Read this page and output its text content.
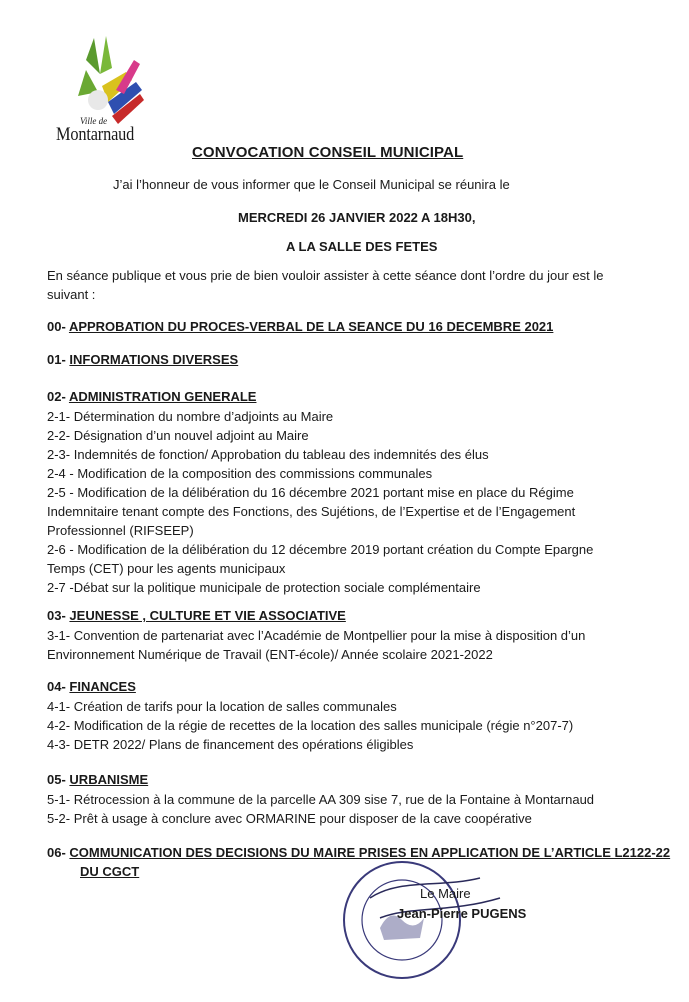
Ville de
Montarnaud
CONVOCATION CONSEIL MUNICIPAL
J’ai l’honneur de vous informer que le Conseil Municipal se réunira le
MERCREDI 26 JANVIER 2022 A 18H30,
A LA SALLE DES FETES
En séance publique et vous prie de bien vouloir assister à cette séance dont l’ordre du jour est le
suivant :
00- APPROBATION DU PROCES-VERBAL DE LA SEANCE DU 16 DECEMBRE 2021
01- INFORMATIONS DIVERSES
02- ADMINISTRATION GENERALE
2-1- Détermination du nombre d’adjoints au Maire
2-2- Désignation d’un nouvel adjoint au Maire
2-3- Indemnités de fonction/ Approbation du tableau des indemnités des élus
2-4 - Modification de la composition des commissions communales
2-5 - Modification de la délibération du 16 décembre 2021 portant mise en place du Régime
Indemnitaire tenant compte des Fonctions, des Sujétions, de l’Expertise et de l’Engagement
Professionnel (RIFSEEP)
2-6 - Modification de la délibération du 12 décembre 2019 portant création du Compte Epargne
Temps (CET) pour les agents municipaux
2-7 -Débat sur la politique municipale de protection sociale complémentaire
03- JEUNESSE , CULTURE ET VIE ASSOCIATIVE
3-1- Convention de partenariat avec l’Académie de Montpellier pour la mise à disposition d’un
Environnement Numérique de Travail (ENT-école)/ Année scolaire 2021-2022
04- FINANCES
4-1- Création de tarifs pour la location de salles communales
4-2- Modification de la régie de recettes de la location des salles municipale (régie n°207-7)
4-3- DETR 2022/ Plans de financement des opérations éligibles
05- URBANISME
5-1- Rétrocession à la commune de la parcelle AA 309 sise 7, rue de la Fontaine à Montarnaud
5-2- Prêt à usage à conclure avec ORMARINE pour disposer de la cave coopérative
06- COMMUNICATION DES DECISIONS DU MAIRE PRISES EN APPLICATION DE L’ARTICLE L2122-22
DU CGCT
Le Maire
Jean-Pierre PUGENS
